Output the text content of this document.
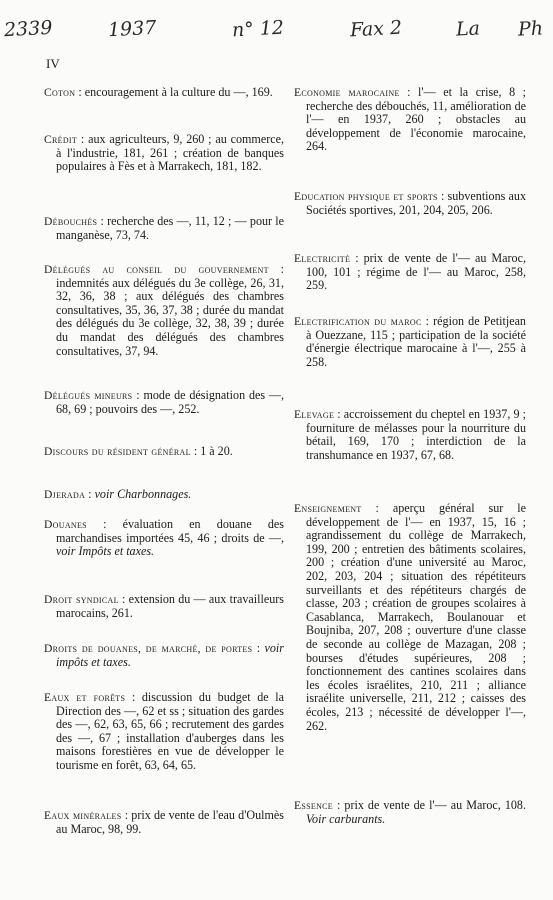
2339	1937	n° 12	Fax 2	La Ph
IV
Coton : encouragement à la culture du —, 169.
Crédit : aux agriculteurs, 9, 260 ; au commerce, à l'industrie, 181, 261 ; création de banques populaires à Fès et à Marrakech, 181, 182.
Débouchés : recherche des —, 11, 12 ; — pour le manganèse, 73, 74.
Délégués au conseil du gouvernement : indemnités aux délégués du 3e collège, 26, 31, 32, 36, 38 ; aux délégués des chambres consultatives, 35, 36, 37, 38 ; durée du mandat des délégués du 3e collège, 32, 38, 39 ; durée du mandat des délégués des chambres consultatives, 37, 94.
Délégués mineurs : mode de désignation des —, 68, 69 ; pouvoirs des —, 252.
Discours du résident général : 1 à 20.
Djerada : voir Charbonnages.
Douanes : évaluation en douane des marchandises importées 45, 46 ; droits de —, voir Impôts et taxes.
Droit syndical : extension du — aux travailleurs marocains, 261.
Droits de douanes, de marché, de portes : voir impôts et taxes.
Eaux et forêts : discussion du budget de la Direction des —, 62 et ss ; situation des gardes des —, 62, 63, 65, 66 ; recrutement des gardes des —, 67 ; installation d'auberges dans les maisons forestières en vue de développer le tourisme en forêt, 63, 64, 65.
Eaux minérales : prix de vente de l'eau d'Oulmès au Maroc, 98, 99.
Economie marocaine : l'— et la crise, 8 ; recherche des débouchés, 11, amélioration de l'— en 1937, 260 ; obstacles au développement de l'économie marocaine, 264.
Education physique et sports : subventions aux Sociétés sportives, 201, 204, 205, 206.
Electricité : prix de vente de l'— au Maroc, 100, 101 ; régime de l'— au Maroc, 258, 259.
Electrification du maroc : région de Petitjean à Ouezzane, 115 ; participation de la société d'énergie électrique marocaine à l'—, 255 à 258.
Elevage : accroissement du cheptel en 1937, 9 ; fourniture de mélasses pour la nourriture du bétail, 169, 170 ; interdiction de la transhumance en 1937, 67, 68.
Enseignement : aperçu général sur le développement de l'— en 1937, 15, 16 ; agrandissement du collège de Marrakech, 199, 200 ; entretien des bâtiments scolaires, 200 ; création d'une université au Maroc, 202, 203, 204 ; situation des répétiteurs surveillants et des répétiteurs chargés de classe, 203 ; création de groupes scolaires à Casablanca, Marrakech, Boulanouar et Boujniba, 207, 208 ; ouverture d'une classe de seconde au collège de Mazagan, 208 ; bourses d'études supérieures, 208 ; fonctionnement des cantines scolaires dans les écoles israélites, 210, 211 ; alliance israélite universelle, 211, 212 ; caisses des écoles, 213 ; nécessité de développer l'—, 262.
Essence : prix de vente de l'— au Maroc, 108. Voir carburants.
